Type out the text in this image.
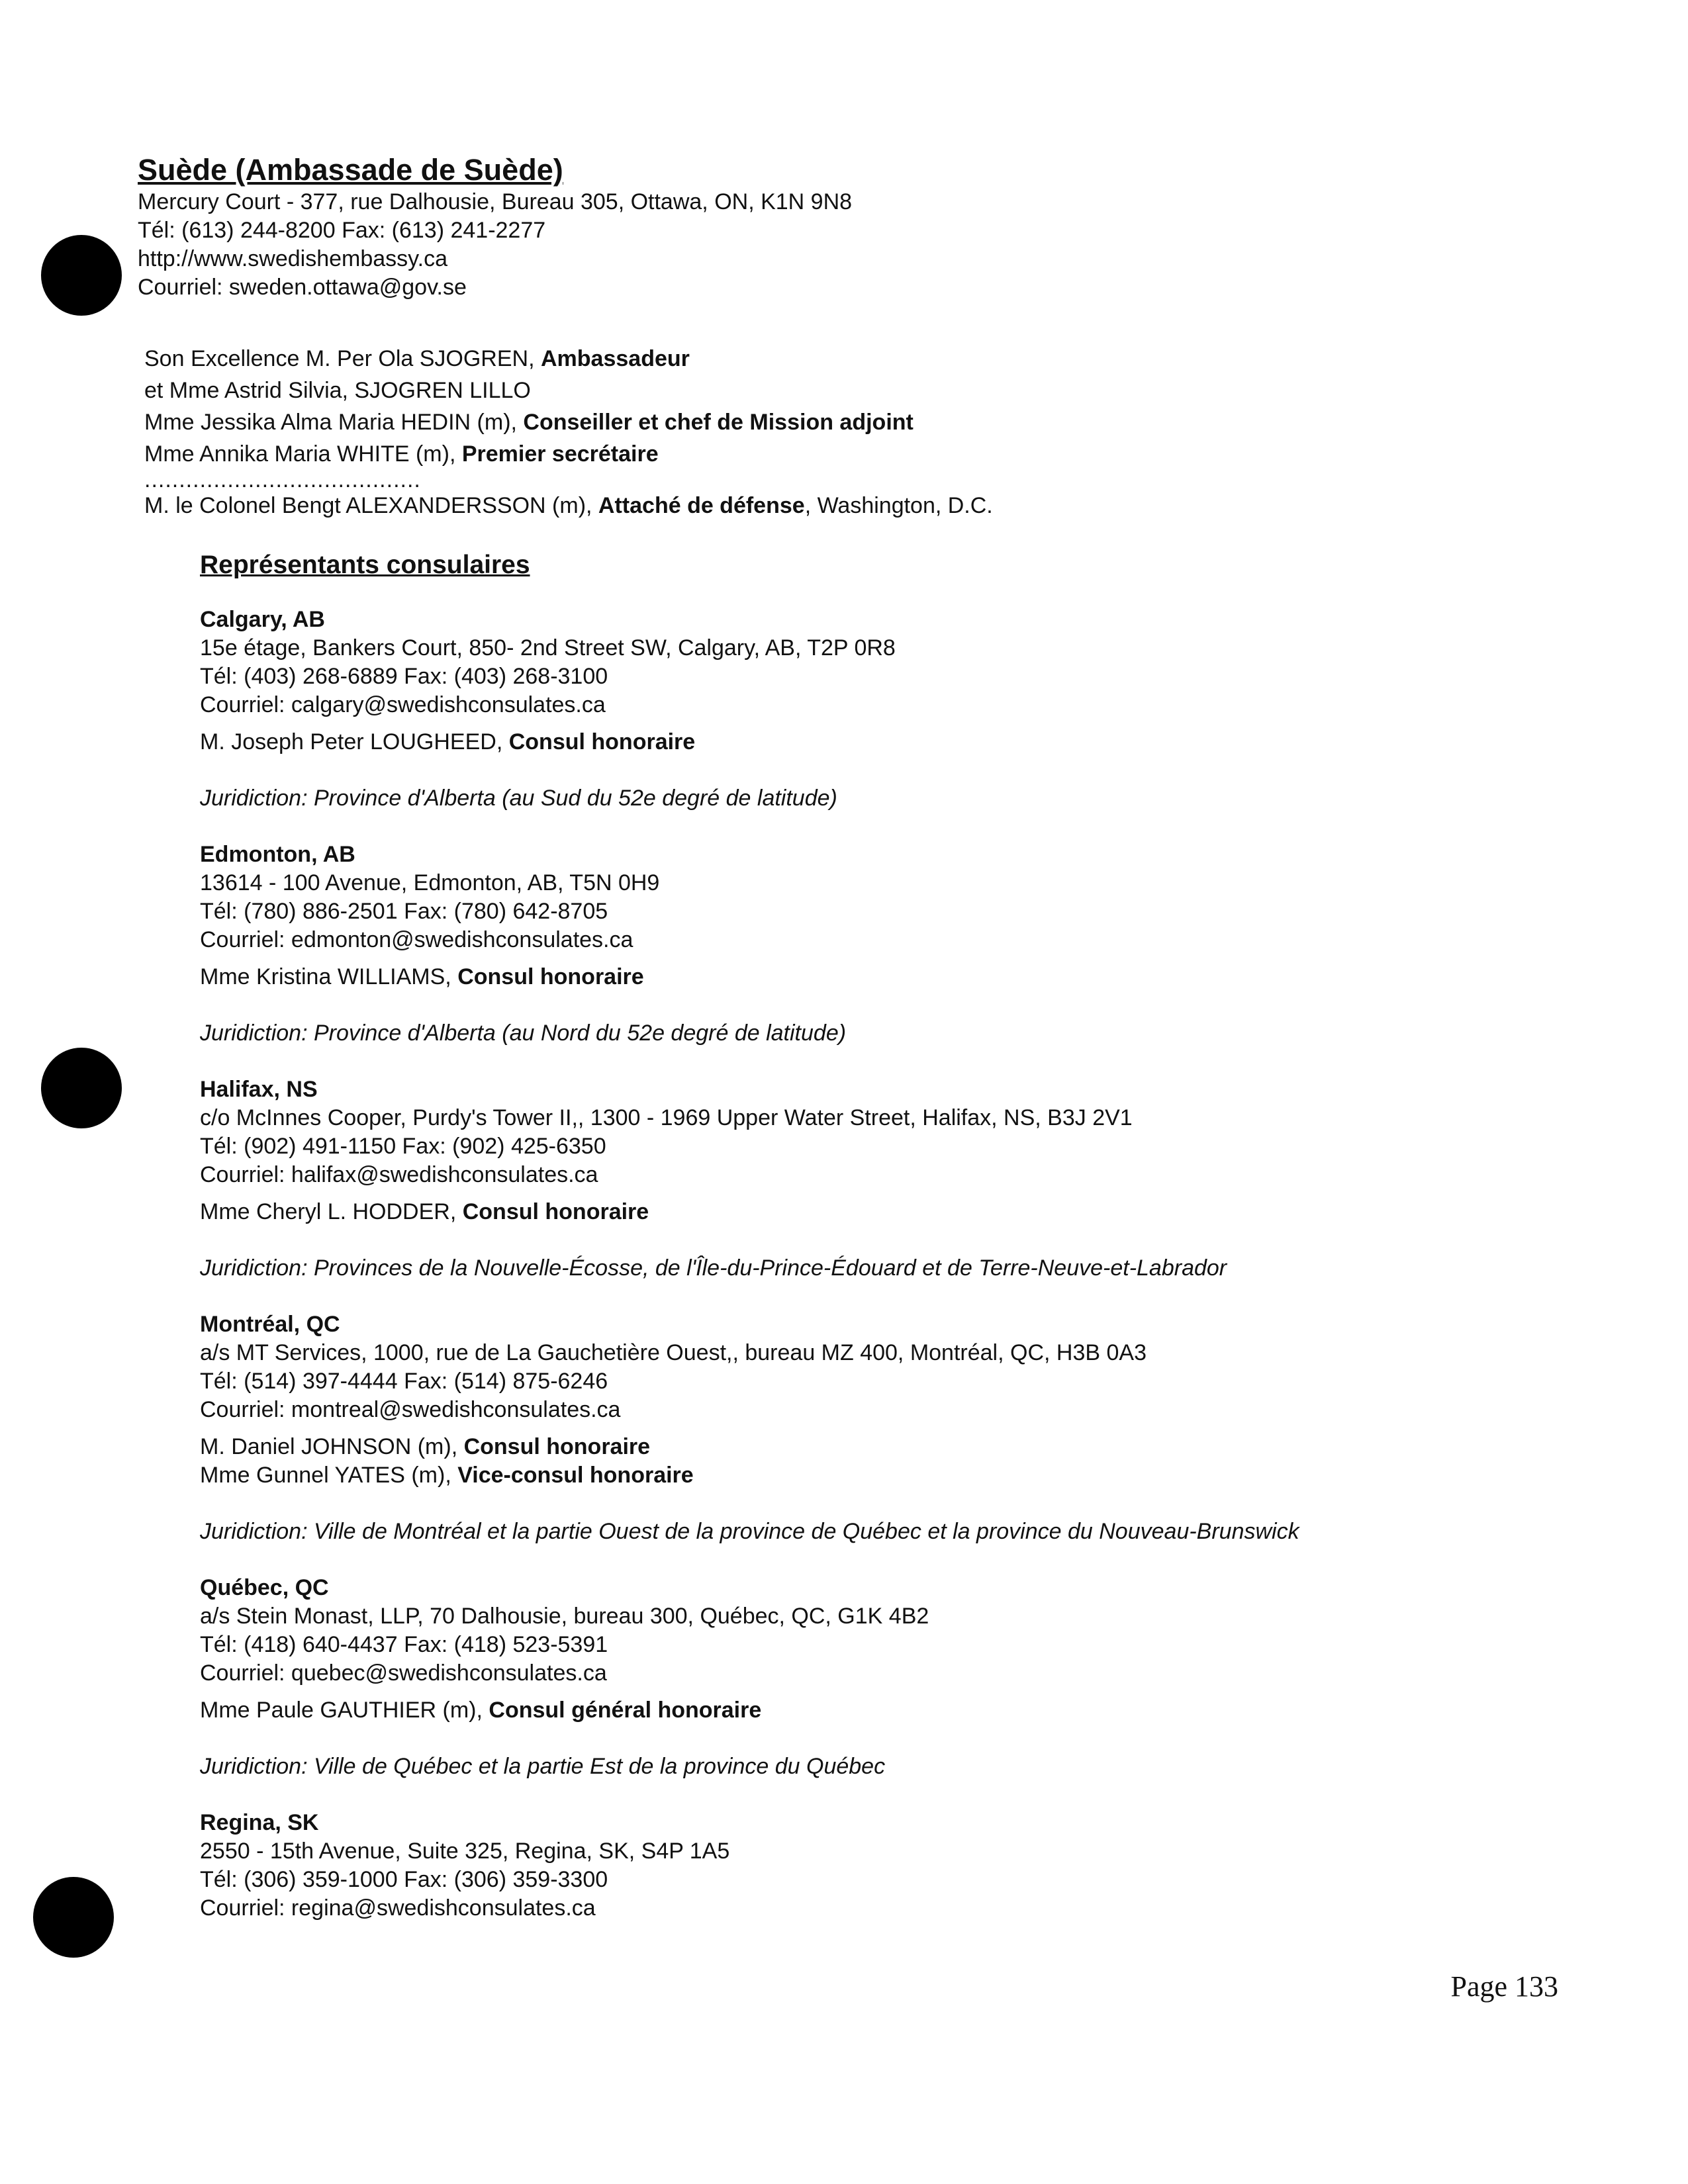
Suède (Ambassade de Suède)
Mercury Court - 377, rue Dalhousie, Bureau 305, Ottawa, ON, K1N 9N8
Tél: (613) 244-8200 Fax: (613) 241-2277
http://www.swedishembassy.ca
Courriel: sweden.ottawa@gov.se
Son Excellence M. Per Ola SJOGREN, Ambassadeur
et Mme Astrid Silvia, SJOGREN LILLO
Mme Jessika Alma Maria HEDIN (m), Conseiller et chef de Mission adjoint
Mme Annika Maria WHITE (m), Premier secrétaire
........................................
M. le Colonel Bengt ALEXANDERSSON (m), Attaché de défense, Washington, D.C.
Représentants consulaires
Calgary, AB
15e étage, Bankers Court, 850- 2nd Street SW, Calgary, AB, T2P 0R8
Tél: (403) 268-6889 Fax: (403) 268-3100
Courriel: calgary@swedishconsulates.ca
M. Joseph Peter LOUGHEED, Consul honoraire
Juridiction: Province d'Alberta (au Sud du 52e degré de latitude)
Edmonton, AB
13614 - 100 Avenue, Edmonton, AB, T5N 0H9
Tél: (780) 886-2501 Fax: (780) 642-8705
Courriel: edmonton@swedishconsulates.ca
Mme Kristina WILLIAMS, Consul honoraire
Juridiction: Province d'Alberta (au Nord du 52e degré de latitude)
Halifax, NS
c/o McInnes Cooper, Purdy's Tower II,, 1300 - 1969 Upper Water Street, Halifax, NS, B3J 2V1
Tél: (902) 491-1150 Fax: (902) 425-6350
Courriel: halifax@swedishconsulates.ca
Mme Cheryl L. HODDER, Consul honoraire
Juridiction: Provinces de la Nouvelle-Écosse, de l'Île-du-Prince-Édouard et de Terre-Neuve-et-Labrador
Montréal, QC
a/s MT Services, 1000, rue de La Gauchetière Ouest,, bureau MZ 400, Montréal, QC, H3B 0A3
Tél: (514) 397-4444 Fax: (514) 875-6246
Courriel: montreal@swedishconsulates.ca
M. Daniel JOHNSON (m), Consul honoraire
Mme Gunnel YATES (m), Vice-consul honoraire
Juridiction: Ville de Montréal et la partie Ouest de la province de Québec et la province du Nouveau-Brunswick
Québec, QC
a/s Stein Monast, LLP, 70 Dalhousie, bureau 300, Québec, QC, G1K 4B2
Tél: (418) 640-4437 Fax: (418) 523-5391
Courriel: quebec@swedishconsulates.ca
Mme Paule GAUTHIER (m), Consul général honoraire
Juridiction: Ville de Québec et la partie Est de la province du Québec
Regina, SK
2550 - 15th Avenue, Suite 325, Regina, SK, S4P 1A5
Tél: (306) 359-1000 Fax: (306) 359-3300
Courriel: regina@swedishconsulates.ca
Page 133
